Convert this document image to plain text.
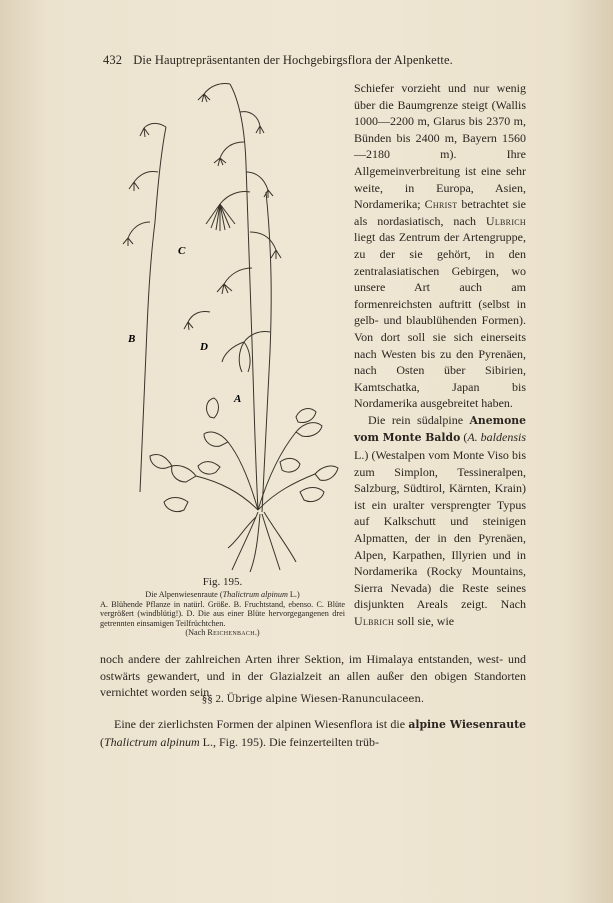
432 Die Hauptrepräsentanten der Hochgebirgsflora der Alpenkette.
C
B
D
A
Fig. 195.
Die Alpenwiesenraute (Thalictrum alpinum L.)
A. Blühende Pflanze in natürl. Größe. B. Fruchtstand, ebenso. C. Blüte vergrößert (windblütig!). D. Die aus einer Blüte hervorgegangenen drei getrennten einsamigen Teilfrüchtchen.
(Nach Reichenbach.)

Schiefer vorzieht und nur wenig über die Baumgrenze steigt (Wallis 1000—2200 m, Glarus bis 2370 m, Bünden bis 2400 m, Bayern 1560—2180 m). Ihre Allgemeinverbreitung ist eine sehr weite, in Europa, Asien, Nordamerika; Christ betrachtet sie als nordasiatisch, nach Ulbrich liegt das Zentrum der Artengruppe, zu der sie gehört, in den zentralasiatischen Gebirgen, wo unsere Art auch am formenreichsten auftritt (selbst in gelb- und blaublühenden Formen). Von dort soll sie sich einerseits nach Westen bis zu den Pyrenäen, nach Osten über Sibirien, Kamtschatka, Japan bis Nordamerika ausgebreitet haben.

Die rein südalpine Anemone vom Monte Baldo (A. baldensis L.) (Westalpen vom Monte Viso bis zum Simplon, Tessineralpen, Salzburg, Südtirol, Kärnten, Krain) ist ein uralter versprengter Typus auf Kalkschutt und steinigen Alpmatten, der in den Pyrenäen, Alpen, Karpathen, Illyrien und in Nordamerika (Rocky Mountains, Sierra Nevada) die Reste seines disjunkten Areals zeigt. Nach Ulbrich soll sie, wie

noch andere der zahlreichen Arten ihrer Sektion, im Himalaya entstanden, west- und ostwärts gewandert, und in der Glazialzeit an allen außer den obigen Standorten vernichtet worden sein.

§§ 2. Übrige alpine Wiesen-Ranunculaceen.

Eine der zierlichsten Formen der alpinen Wiesenflora ist die alpine Wiesenraute (Thalictrum alpinum L., Fig. 195). Die feinzerteilten trüb-
